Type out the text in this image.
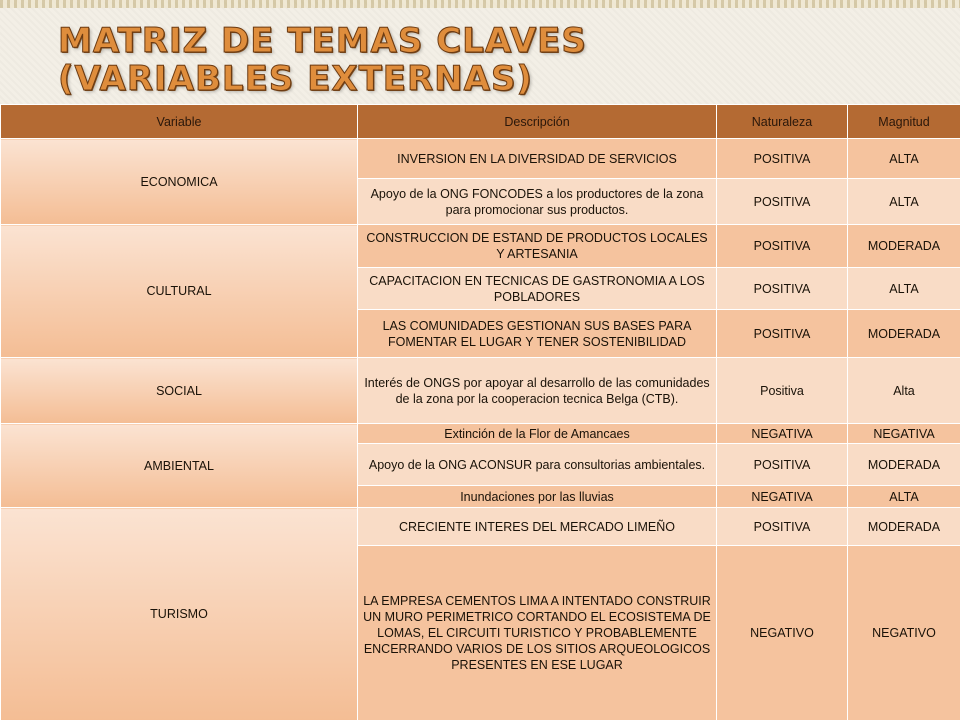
MATRIZ DE TEMAS CLAVES
(VARIABLES EXTERNAS)
Variable	Descripción	Naturaleza	Magnitud
ECONOMICA	INVERSION EN LA DIVERSIDAD DE SERVICIOS	POSITIVA	ALTA
	Apoyo de la ONG FONCODES a los productores de la zona para promocionar sus productos.	POSITIVA	ALTA
CULTURAL	CONSTRUCCION DE ESTAND DE PRODUCTOS LOCALES Y ARTESANIA	POSITIVA	MODERADA
	CAPACITACION EN TECNICAS DE GASTRONOMIA A LOS POBLADORES	POSITIVA	ALTA
	LAS COMUNIDADES GESTIONAN SUS BASES PARA FOMENTAR EL LUGAR Y TENER SOSTENIBILIDAD	POSITIVA	MODERADA
SOCIAL	Interés de ONGS por apoyar al desarrollo de las comunidades de la zona por la cooperacion tecnica Belga (CTB).	Positiva	Alta
AMBIENTAL	Extinción de la Flor de Amancaes	NEGATIVA	NEGATIVA
	Apoyo de la ONG ACONSUR para consultorias ambientales.	POSITIVA	MODERADA
	Inundaciones por las lluvias	NEGATIVA	ALTA
TURISMO	CRECIENTE INTERES DEL MERCADO LIMEÑO	POSITIVA	MODERADA
	LA EMPRESA CEMENTOS LIMA A INTENTADO CONSTRUIR UN MURO PERIMETRICO CORTANDO EL ECOSISTEMA DE LOMAS, EL CIRCUITI TURISTICO Y PROBABLEMENTE ENCERRANDO VARIOS DE LOS SITIOS ARQUEOLOGICOS PRESENTES EN ESE LUGAR	NEGATIVO	NEGATIVO
